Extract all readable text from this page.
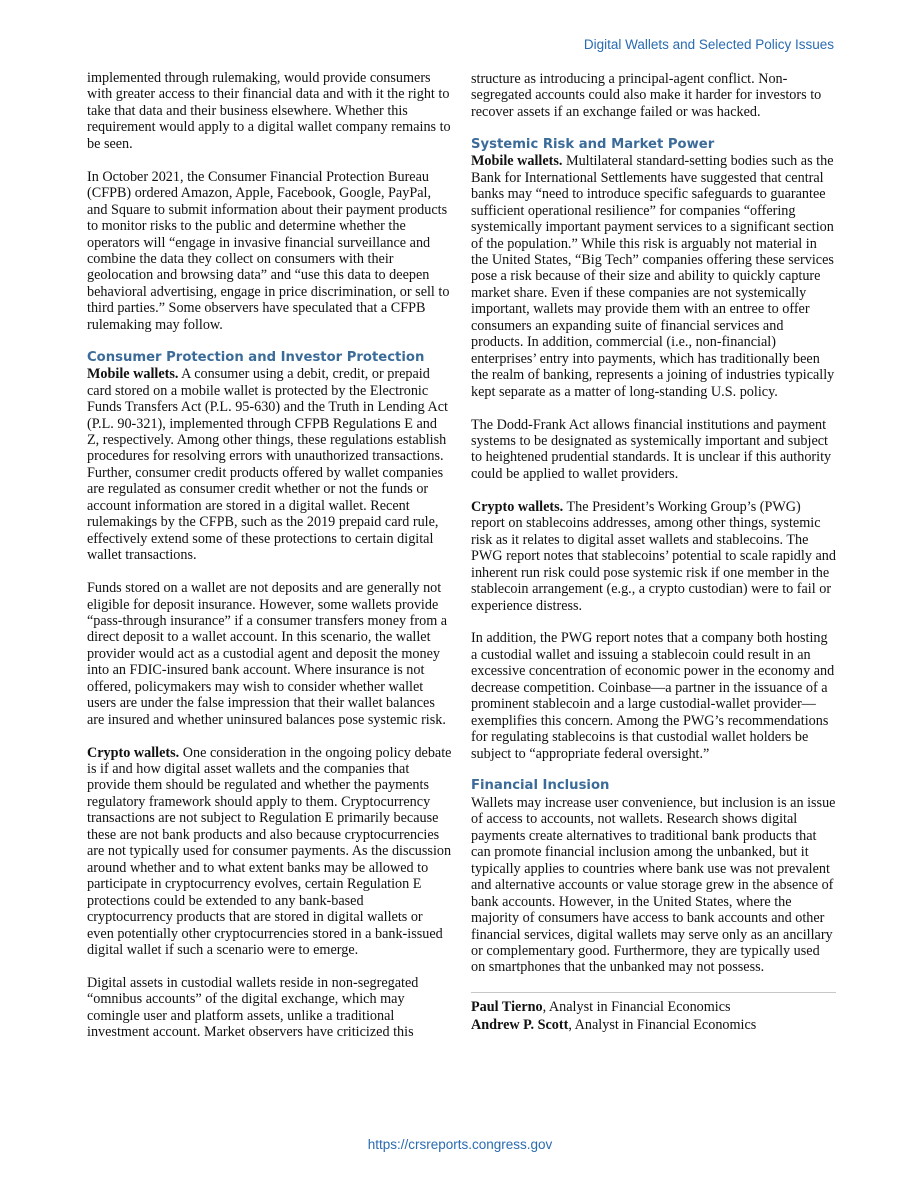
Digital Wallets and Selected Policy Issues

implemented through rulemaking, would provide consumers with greater access to their financial data and with it the right to take that data and their business elsewhere. Whether this requirement would apply to a digital wallet company remains to be seen.

In October 2021, the Consumer Financial Protection Bureau (CFPB) ordered Amazon, Apple, Facebook, Google, PayPal, and Square to submit information about their payment products to monitor risks to the public and determine whether the operators will “engage in invasive financial surveillance and combine the data they collect on consumers with their geolocation and browsing data” and “use this data to deepen behavioral advertising, engage in price discrimination, or sell to third parties.” Some observers have speculated that a CFPB rulemaking may follow.

Consumer Protection and Investor Protection

Mobile wallets. A consumer using a debit, credit, or prepaid card stored on a mobile wallet is protected by the Electronic Funds Transfers Act (P.L. 95-630) and the Truth in Lending Act (P.L. 90-321), implemented through CFPB Regulations E and Z, respectively. Among other things, these regulations establish procedures for resolving errors with unauthorized transactions. Further, consumer credit products offered by wallet companies are regulated as consumer credit whether or not the funds or account information are stored in a digital wallet. Recent rulemakings by the CFPB, such as the 2019 prepaid card rule, effectively extend some of these protections to certain digital wallet transactions.

Funds stored on a wallet are not deposits and are generally not eligible for deposit insurance. However, some wallets provide “pass-through insurance” if a consumer transfers money from a direct deposit to a wallet account. In this scenario, the wallet provider would act as a custodial agent and deposit the money into an FDIC-insured bank account. Where insurance is not offered, policymakers may wish to consider whether wallet users are under the false impression that their wallet balances are insured and whether uninsured balances pose systemic risk.

Crypto wallets. One consideration in the ongoing policy debate is if and how digital asset wallets and the companies that provide them should be regulated and whether the payments regulatory framework should apply to them. Cryptocurrency transactions are not subject to Regulation E primarily because these are not bank products and also because cryptocurrencies are not typically used for consumer payments. As the discussion around whether and to what extent banks may be allowed to participate in cryptocurrency evolves, certain Regulation E protections could be extended to any bank-based cryptocurrency products that are stored in digital wallets or even potentially other cryptocurrencies stored in a bank-issued digital wallet if such a scenario were to emerge.

Digital assets in custodial wallets reside in non-segregated “omnibus accounts” of the digital exchange, which may comingle user and platform assets, unlike a traditional investment account. Market observers have criticized this

structure as introducing a principal-agent conflict. Non-segregated accounts could also make it harder for investors to recover assets if an exchange failed or was hacked.

Systemic Risk and Market Power

Mobile wallets. Multilateral standard-setting bodies such as the Bank for International Settlements have suggested that central banks may “need to introduce specific safeguards to guarantee sufficient operational resilience” for companies “offering systemically important payment services to a significant section of the population.” While this risk is arguably not material in the United States, “Big Tech” companies offering these services pose a risk because of their size and ability to quickly capture market share. Even if these companies are not systemically important, wallets may provide them with an entree to offer consumers an expanding suite of financial services and products. In addition, commercial (i.e., non-financial) enterprises’ entry into payments, which has traditionally been the realm of banking, represents a joining of industries typically kept separate as a matter of long-standing U.S. policy.

The Dodd-Frank Act allows financial institutions and payment systems to be designated as systemically important and subject to heightened prudential standards. It is unclear if this authority could be applied to wallet providers.

Crypto wallets. The President’s Working Group’s (PWG) report on stablecoins addresses, among other things, systemic risk as it relates to digital asset wallets and stablecoins. The PWG report notes that stablecoins’ potential to scale rapidly and inherent run risk could pose systemic risk if one member in the stablecoin arrangement (e.g., a crypto custodian) were to fail or experience distress.

In addition, the PWG report notes that a company both hosting a custodial wallet and issuing a stablecoin could result in an excessive concentration of economic power in the economy and decrease competition. Coinbase—a partner in the issuance of a prominent stablecoin and a large custodial-wallet provider—exemplifies this concern. Among the PWG’s recommendations for regulating stablecoins is that custodial wallet holders be subject to “appropriate federal oversight.”

Financial Inclusion

Wallets may increase user convenience, but inclusion is an issue of access to accounts, not wallets. Research shows digital payments create alternatives to traditional bank products that can promote financial inclusion among the unbanked, but it typically applies to countries where bank use was not prevalent and alternative accounts or value storage grew in the absence of bank accounts. However, in the United States, where the majority of consumers have access to bank accounts and other financial services, digital wallets may serve only as an ancillary or complementary good. Furthermore, they are typically used on smartphones that the unbanked may not possess.

Paul Tierno, Analyst in Financial Economics
Andrew P. Scott, Analyst in Financial Economics
https://crsreports.congress.gov
